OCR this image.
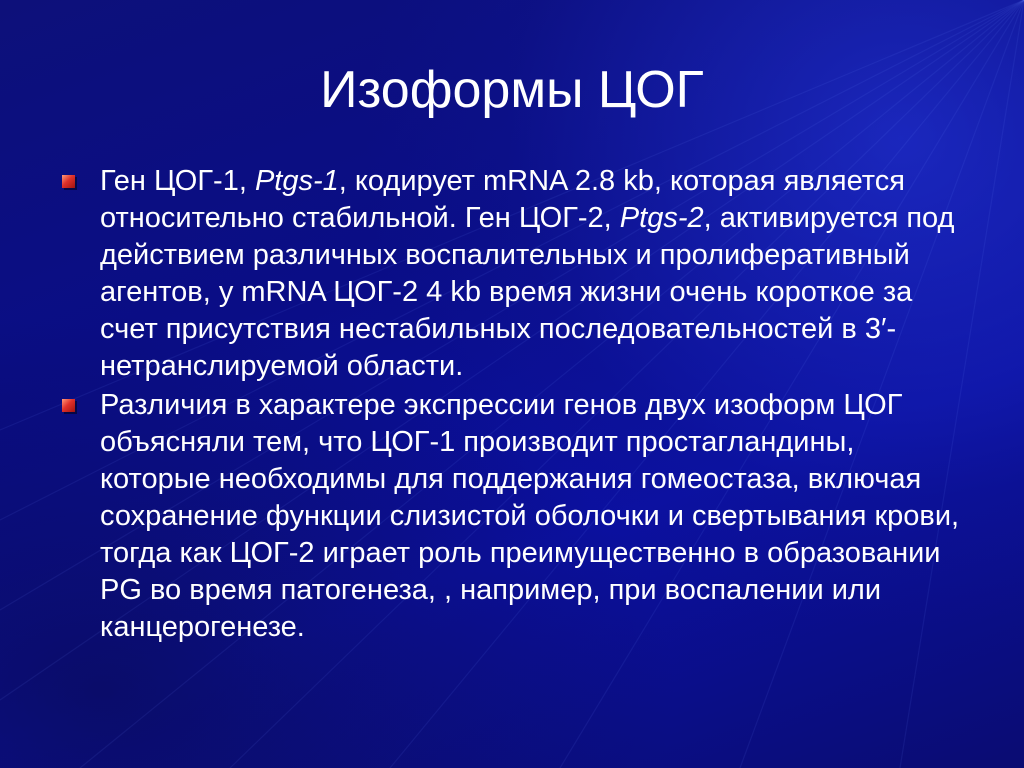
Изоформы ЦОГ
Ген ЦОГ-1, Ptgs-1, кодирует mRNA 2.8 kb, которая является относительно стабильной. Ген ЦОГ-2, Ptgs-2, активируется под действием различных воспалительных и пролиферативный агентов, у mRNA ЦОГ-2 4 kb время жизни очень короткое за счет присутствия нестабильных последовательностей в 3′-нетранслируемой области.
Различия в характере экспрессии генов двух изоформ ЦОГ объясняли тем, что ЦОГ-1 производит простагландины, которые необходимы для поддержания гомеостаза, включая сохранение функции слизистой оболочки и свертывания крови, тогда как ЦОГ-2 играет роль преимущественно в образовании PG во время патогенеза, , например, при воспалении или канцерогенезе.
